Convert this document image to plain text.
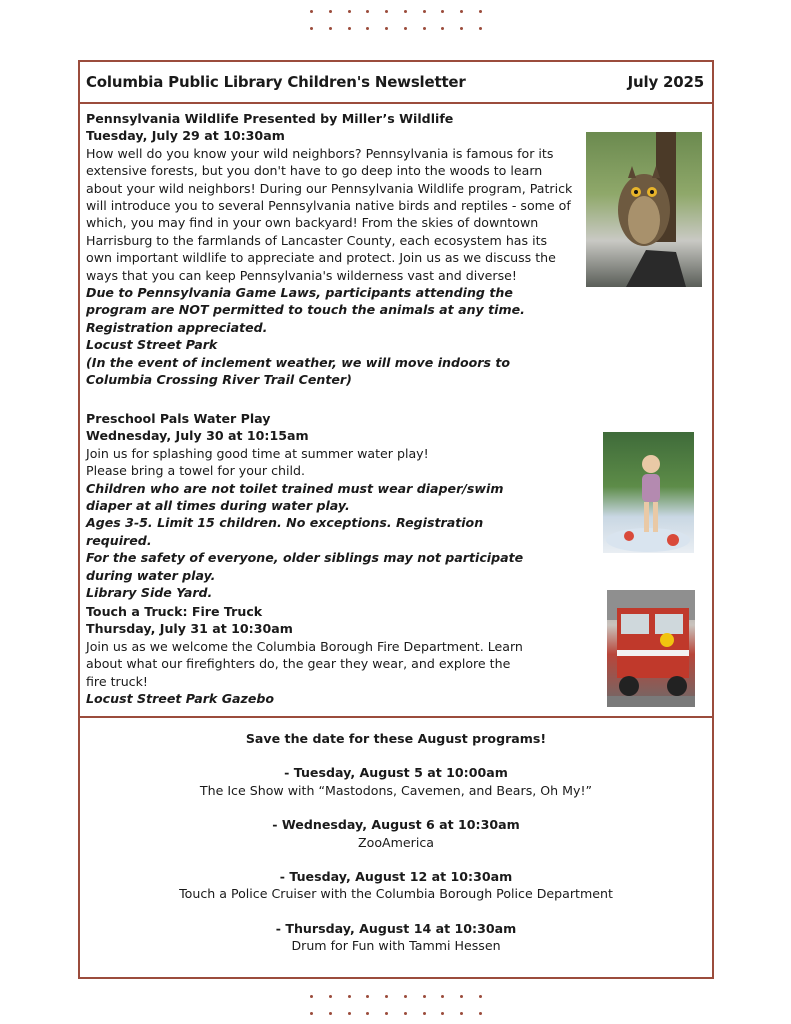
Columbia Public Library Children's Newsletter	July 2025

Pennsylvania Wildlife Presented by Miller’s Wildlife

Tuesday, July 29 at 10:30am

How well do you know your wild neighbors? Pennsylvania is famous for its extensive forests, but you don't have to go deep into the woods to learn about your wild neighbors! During our Pennsylvania Wildlife program, Patrick will introduce you to several Pennsylvania native birds and reptiles - some of which, you may find in your own backyard! From the skies of downtown Harrisburg to the farmlands of Lancaster County, each ecosystem has its own important wildlife to appreciate and protect. Join us as we discuss the ways that you can keep Pennsylvania's wilderness vast and diverse!

Due to Pennsylvania Game Laws, participants attending the program are NOT permitted to touch the animals at any time.

Registration appreciated.

Locust Street Park

(In the event of inclement weather, we will move indoors to Columbia Crossing River Trail Center)

Preschool Pals Water Play

Wednesday, July 30 at 10:15am

Join us for splashing good time at summer water play!

Please bring a towel for your child.

Children who are not toilet trained must wear diaper/swim diaper at all times during water play.

Ages 3-5. Limit 15 children. No exceptions. Registration required.

For the safety of everyone, older siblings may not participate during water play.

Library Side Yard.

Touch a Truck: Fire Truck

Thursday, July 31 at 10:30am

Join us as we welcome the Columbia Borough Fire Department. Learn about what our firefighters do, the gear they wear, and explore the fire truck!

Locust Street Park Gazebo

Save the date for these August programs!
- Tuesday, August 5 at 10:00am
The Ice Show with “Mastodons, Cavemen, and Bears, Oh My!”
- Wednesday, August 6 at 10:30am
ZooAmerica
- Tuesday, August 12 at 10:30am
Touch a Police Cruiser with the Columbia Borough Police Department
- Thursday, August 14 at 10:30am
Drum for Fun with Tammi Hessen
